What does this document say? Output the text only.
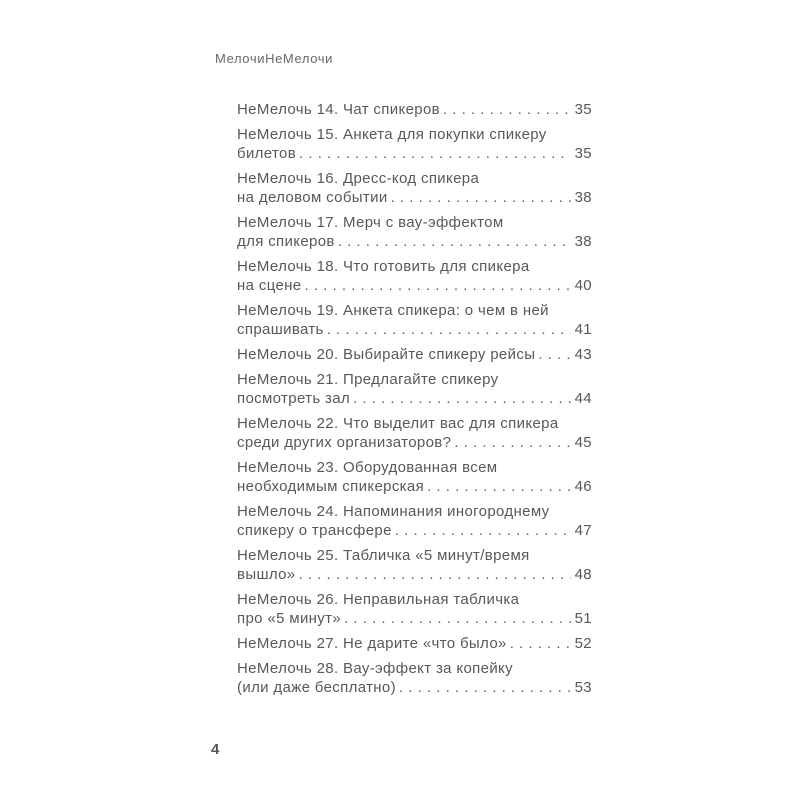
МелочиНеМелочи
НеМелочь 14. Чат спикеров . . .	35
НеМелочь 15. Анкета для покупки спикеру
билетов . . .	35
НеМелочь 16. Дресс-код спикера
на деловом событии . . .	38
НеМелочь 17. Мерч с вау-эффектом
для спикеров . . .	38
НеМелочь 18. Что готовить для спикера
на сцене . . .	40
НеМелочь 19. Анкета спикера: о чем в ней
спрашивать . . .	41
НеМелочь 20. Выбирайте спикеру рейсы . . .	43
НеМелочь 21. Предлагайте спикеру
посмотреть зал . . .	44
НеМелочь 22. Что выделит вас для спикера
среди других организаторов? . . .	45
НеМелочь 23. Оборудованная всем
необходимым спикерская . . .	46
НеМелочь 24. Напоминания иногороднему
спикеру о трансфере . . .	47
НеМелочь 25. Табличка «5 минут/время
вышло» . . .	48
НеМелочь 26. Неправильная табличка
про «5 минут» . . .	51
НеМелочь 27. Не дарите «что было» . . .	52
НеМелочь 28. Вау-эффект за копейку
(или даже бесплатно) . . .	53
4
